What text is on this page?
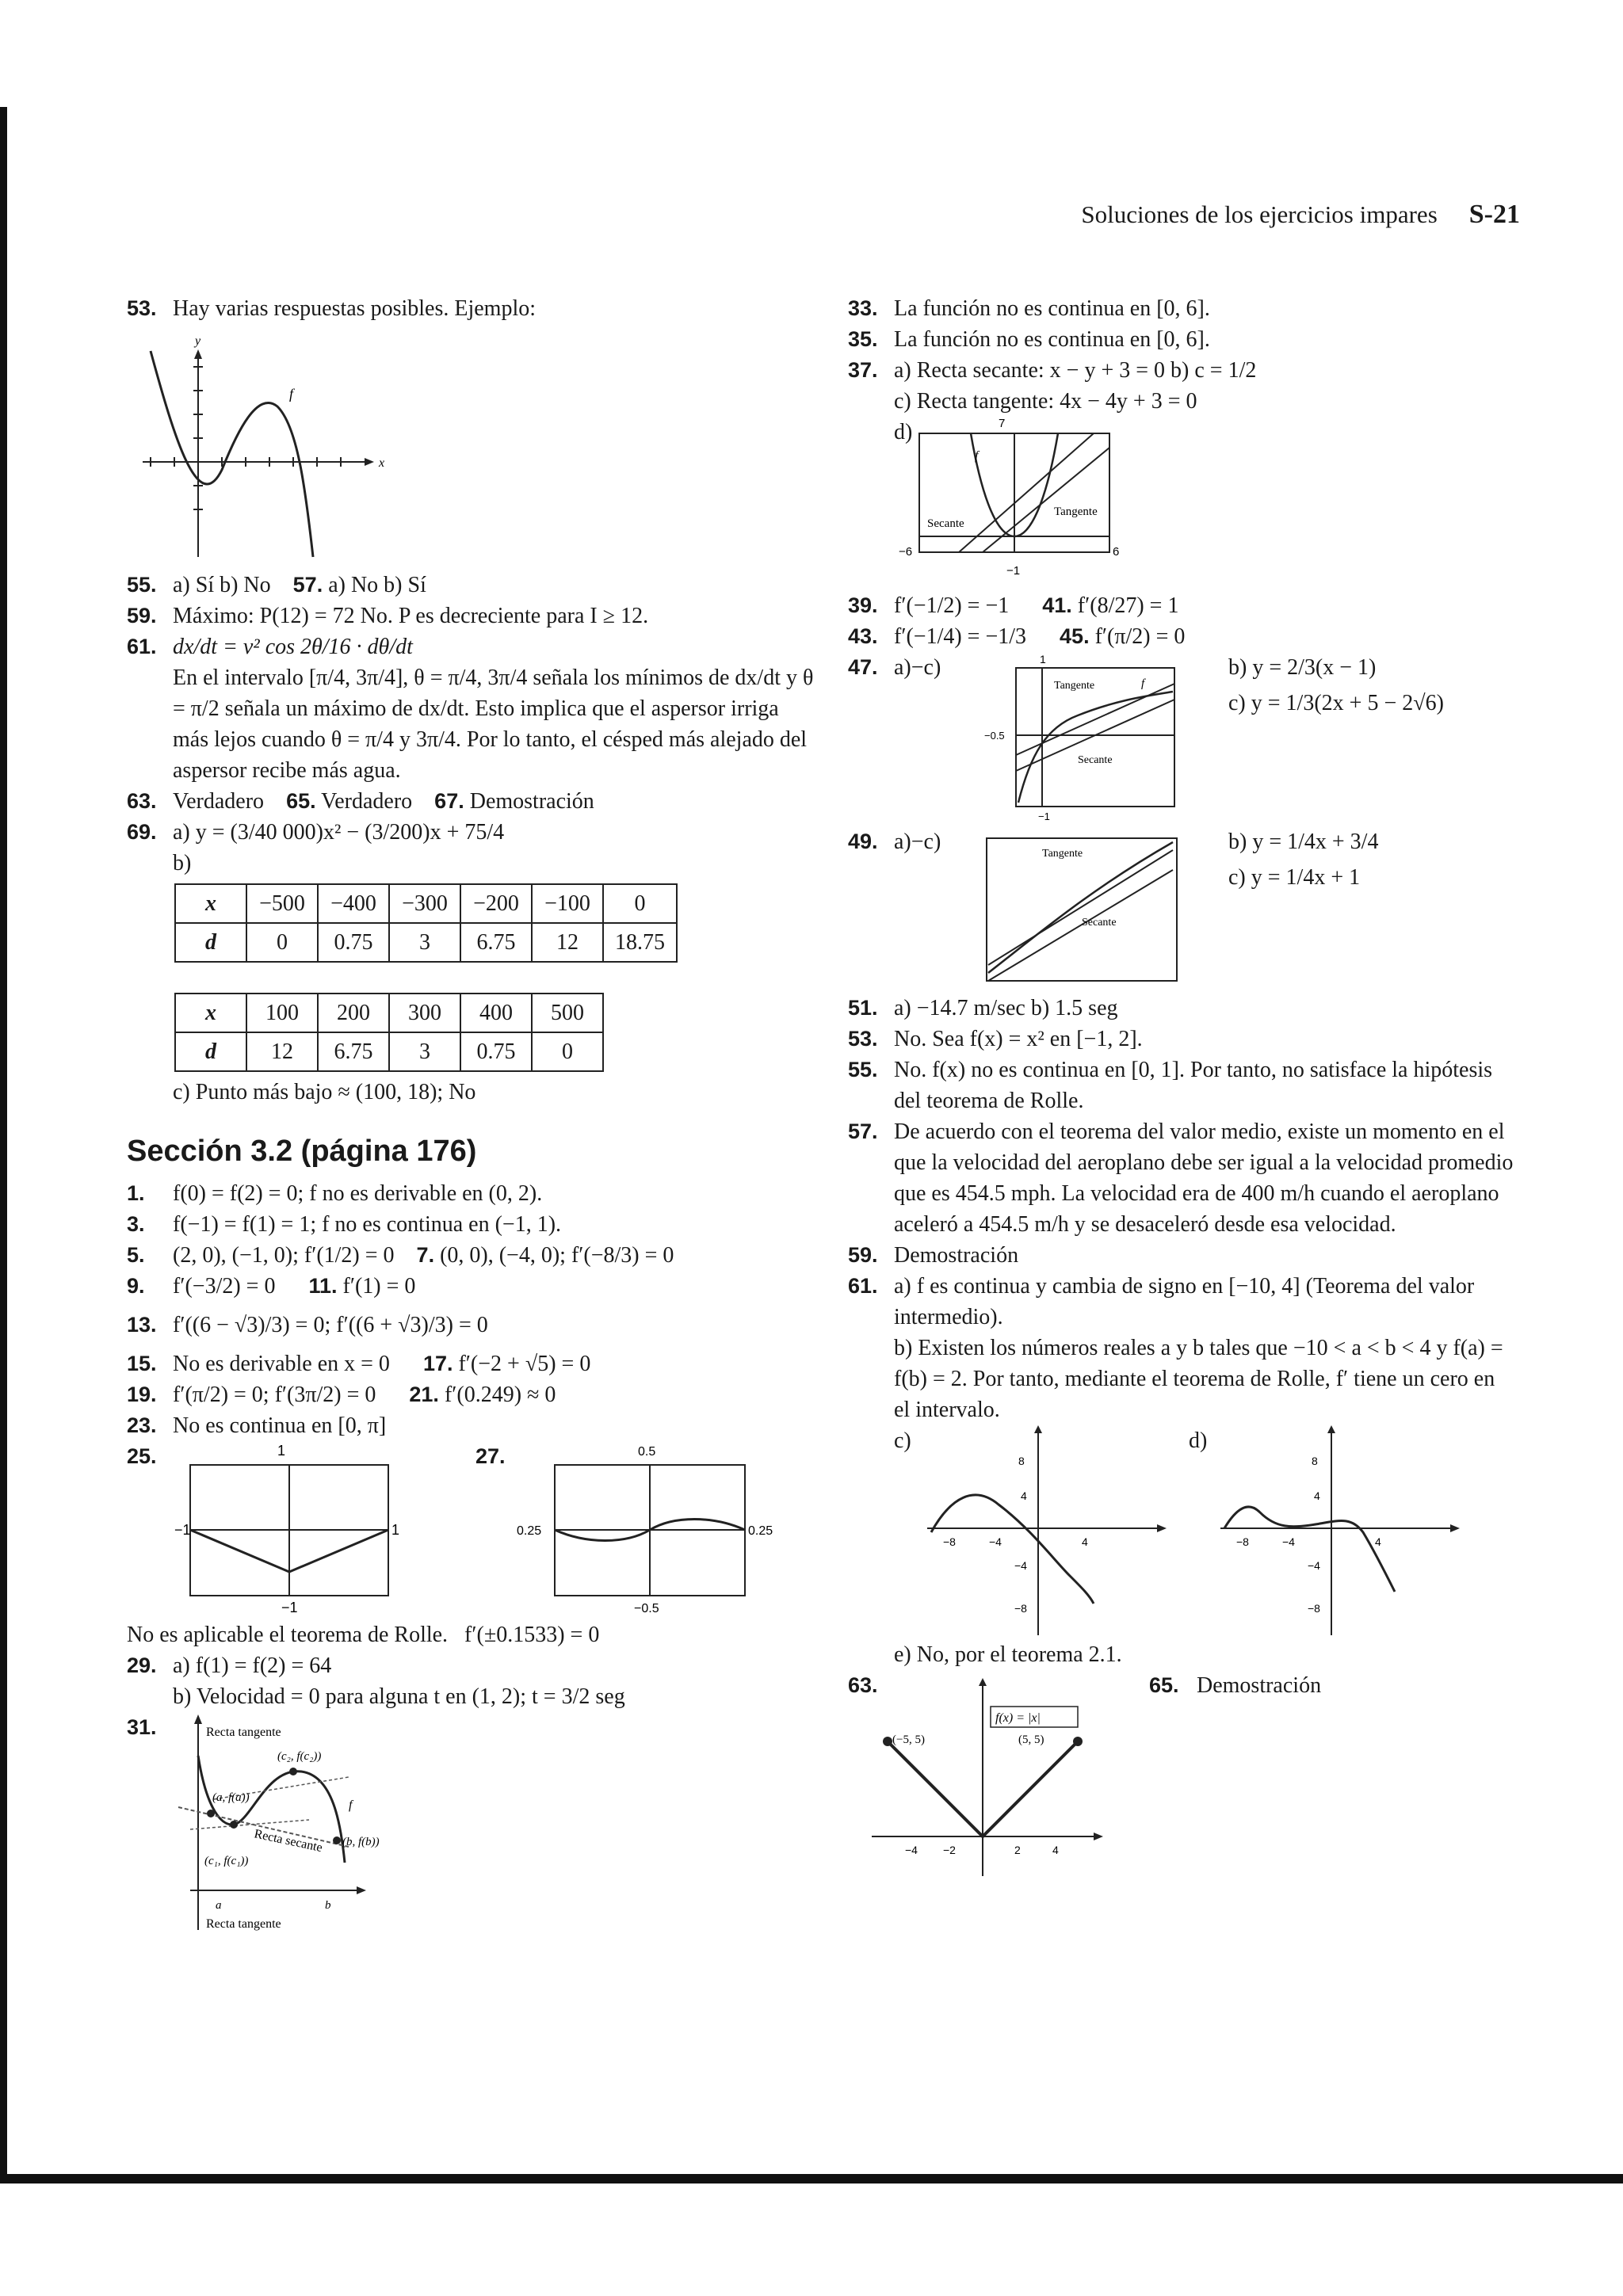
Soluciones de los ejercicios impares S-21
53. Hay varias respuestas posibles. Ejemplo:
f
y
x
55. a) Sí b) No 57. a) No b) Sí
59. Máximo: P(12) = 72 No. P es decreciente para I ≥ 12.
61. dx/dt = v² cos 2θ/16 · dθ/dt
En el intervalo [π/4, 3π/4], θ = π/4, 3π/4 señala los mínimos de dx/dt y θ = π/2 señala un máximo de dx/dt. Esto implica que el aspersor irriga más lejos cuando θ = π/4 y 3π/4. Por lo tanto, el césped más alejado del aspersor recibe más agua.
63. Verdadero 65. Verdadero 67. Demostración
69. a) y = (3/40 000)x² − (3/200)x + 75/4
b)
x	−500	−400	−300	−200	−100	0
d	0	0.75	3	6.75	12	18.75
x	100	200	300	400	500
d	12	6.75	3	0.75	0
c) Punto más bajo ≈ (100, 18); No
Sección 3.2 (página 176)
1. f(0) = f(2) = 0; f no es derivable en (0, 2).
3. f(−1) = f(1) = 1; f no es continua en (−1, 1).
5. (2, 0), (−1, 0); f′(1/2) = 0 7. (0, 0), (−4, 0); f′(−8/3) = 0
9. f′(−3/2) = 0 11. f′(1) = 0
13. f′((6 − √3)/3) = 0; f′((6 + √3)/3) = 0
15. No es derivable en x = 0 17. f′(−2 + √5) = 0
19. f′(π/2) = 0; f′(3π/2) = 0 21. f′(0.249) ≈ 0
23. No es continua en [0, π]
25.	1
−1	1
−1
27.	0.5
0.25	0.25
−0.5
No es aplicable el teorema de Rolle.   f′(±0.1533) = 0
29. a) f(1) = f(2) = 64
b) Velocidad = 0 para alguna t en (1, 2); t = 3/2 seg
31.	Recta tangente
(c₂, f(c₂))
(a, f(a))
f
Recta secante (b, f(b))
(c₁, f(c₁))
a	b
Recta tangente
33. La función no es continua en [0, 6].
35. La función no es continua en [0, 6].
37. a) Recta secante: x − y + 3 = 0 b) c = 1/2
c) Recta tangente: 4x − 4y + 3 = 0
d)	7
f
Secante
Tangente
−6	6
−1
39. f′(−1/2) = −1 41. f′(8/27) = 1
43. f′(−1/4) = −1/3 45. f′(π/2) = 0
47. a)−c)	1
Tangente	f
Secante
−0.5
−1
b) y = 2/3(x − 1)
c) y = 1/3(2x + 5 − 2√6)
49. a)−c)	Tangente
Secante
b) y = 1/4x + 3/4
c) y = 1/4x + 1
51. a) −14.7 m/sec b) 1.5 seg
53. No. Sea f(x) = x² en [−1, 2].
55. No. f(x) no es continua en [0, 1]. Por tanto, no satisface la hipótesis del teorema de Rolle.
57. De acuerdo con el teorema del valor medio, existe un momento en el que la velocidad del aeroplano debe ser igual a la velocidad promedio que es 454.5 mph. La velocidad era de 400 m/h cuando el aeroplano aceleró a 454.5 m/h y se desaceleró desde esa velocidad.
59. Demostración
61. a) f es continua y cambia de signo en [−10, 4] (Teorema del valor intermedio).
b) Existen los números reales a y b tales que −10 < a < b < 4 y f(a) = f(b) = 2. Por tanto, mediante el teorema de Rolle, f′ tiene un cero en el intervalo.
c)
8
4
−4
−8
−8	−4	4
d)
8
4
−4
−8
−8	−4	4
e) No, por el teorema 2.1.
63.
f(x) = |x|
(−5, 5)	(5, 5)
−4 −2	2	4
65. Demostración
